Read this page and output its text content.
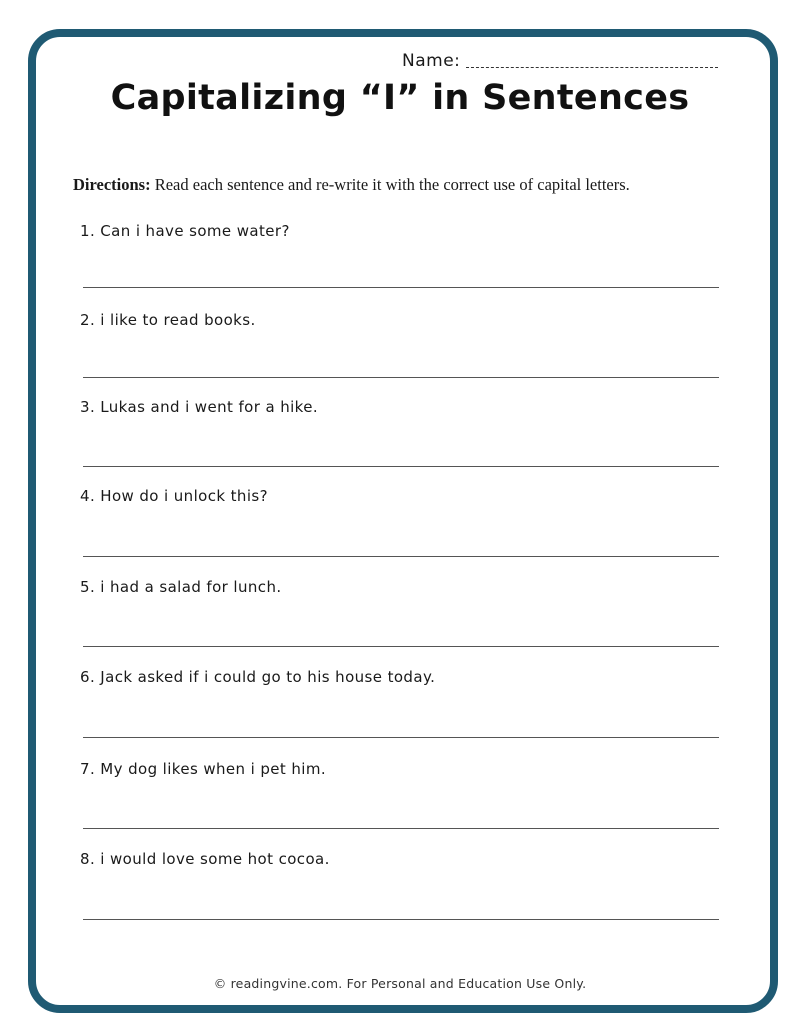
Name:
Capitalizing “I” in Sentences
Directions: Read each sentence and re-write it with the correct use of capital letters.
1. Can i have some water?
2. i like to read books.
3. Lukas and i went for a hike.
4. How do i unlock this?
5. i had a salad for lunch.
6. Jack asked if i could go to his house today.
7. My dog likes when i pet him.
8. i would love some hot cocoa.
© readingvine.com. For Personal and Education Use Only.
